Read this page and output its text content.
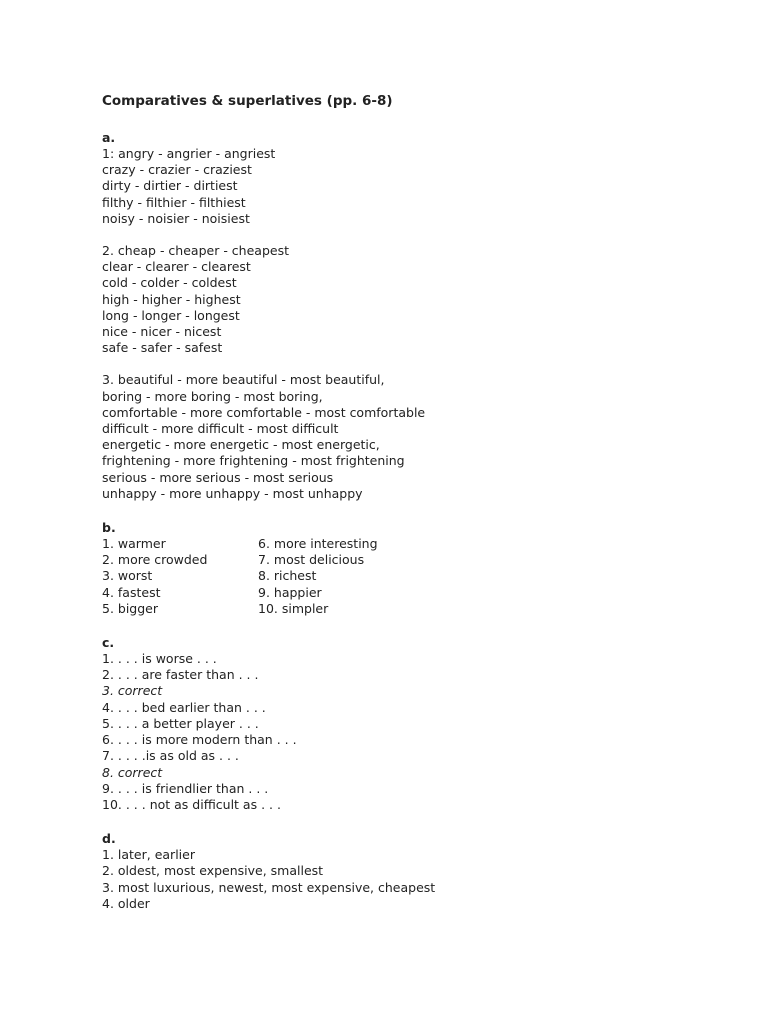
Comparatives & superlatives (pp. 6-8)
a.
1: angry - angrier - angriest
crazy - crazier - craziest
dirty - dirtier - dirtiest
filthy - filthier - filthiest
noisy - noisier - noisiest
2. cheap - cheaper - cheapest
clear - clearer - clearest
cold - colder - coldest
high - higher - highest
long - longer - longest
nice - nicer - nicest
safe - safer - safest
3. beautiful - more beautiful - most beautiful,
boring - more boring - most boring,
comfortable - more comfortable - most comfortable
difficult - more difficult - most difficult
energetic - more energetic - most energetic,
frightening - more frightening - most frightening
serious - more serious - most serious
unhappy - more unhappy - most unhappy
b.
1. warmer
2. more crowded
3. worst
4. fastest
5. bigger
6. more interesting
7. most delicious
8. richest
9. happier
10. simpler
c.
1. . . . is worse . . .
2. . . . are faster than . . .
3. correct
4. . . . bed earlier than . . .
5. . . . a better player . . .
6. . . . is more modern than . . .
7. . . . .is as old as . . .
8. correct
9. . . . is friendlier than . . .
10. . . . not as difficult as . . .
d.
1. later, earlier
2. oldest, most expensive, smallest
3. most luxurious, newest, most expensive, cheapest
4. older
